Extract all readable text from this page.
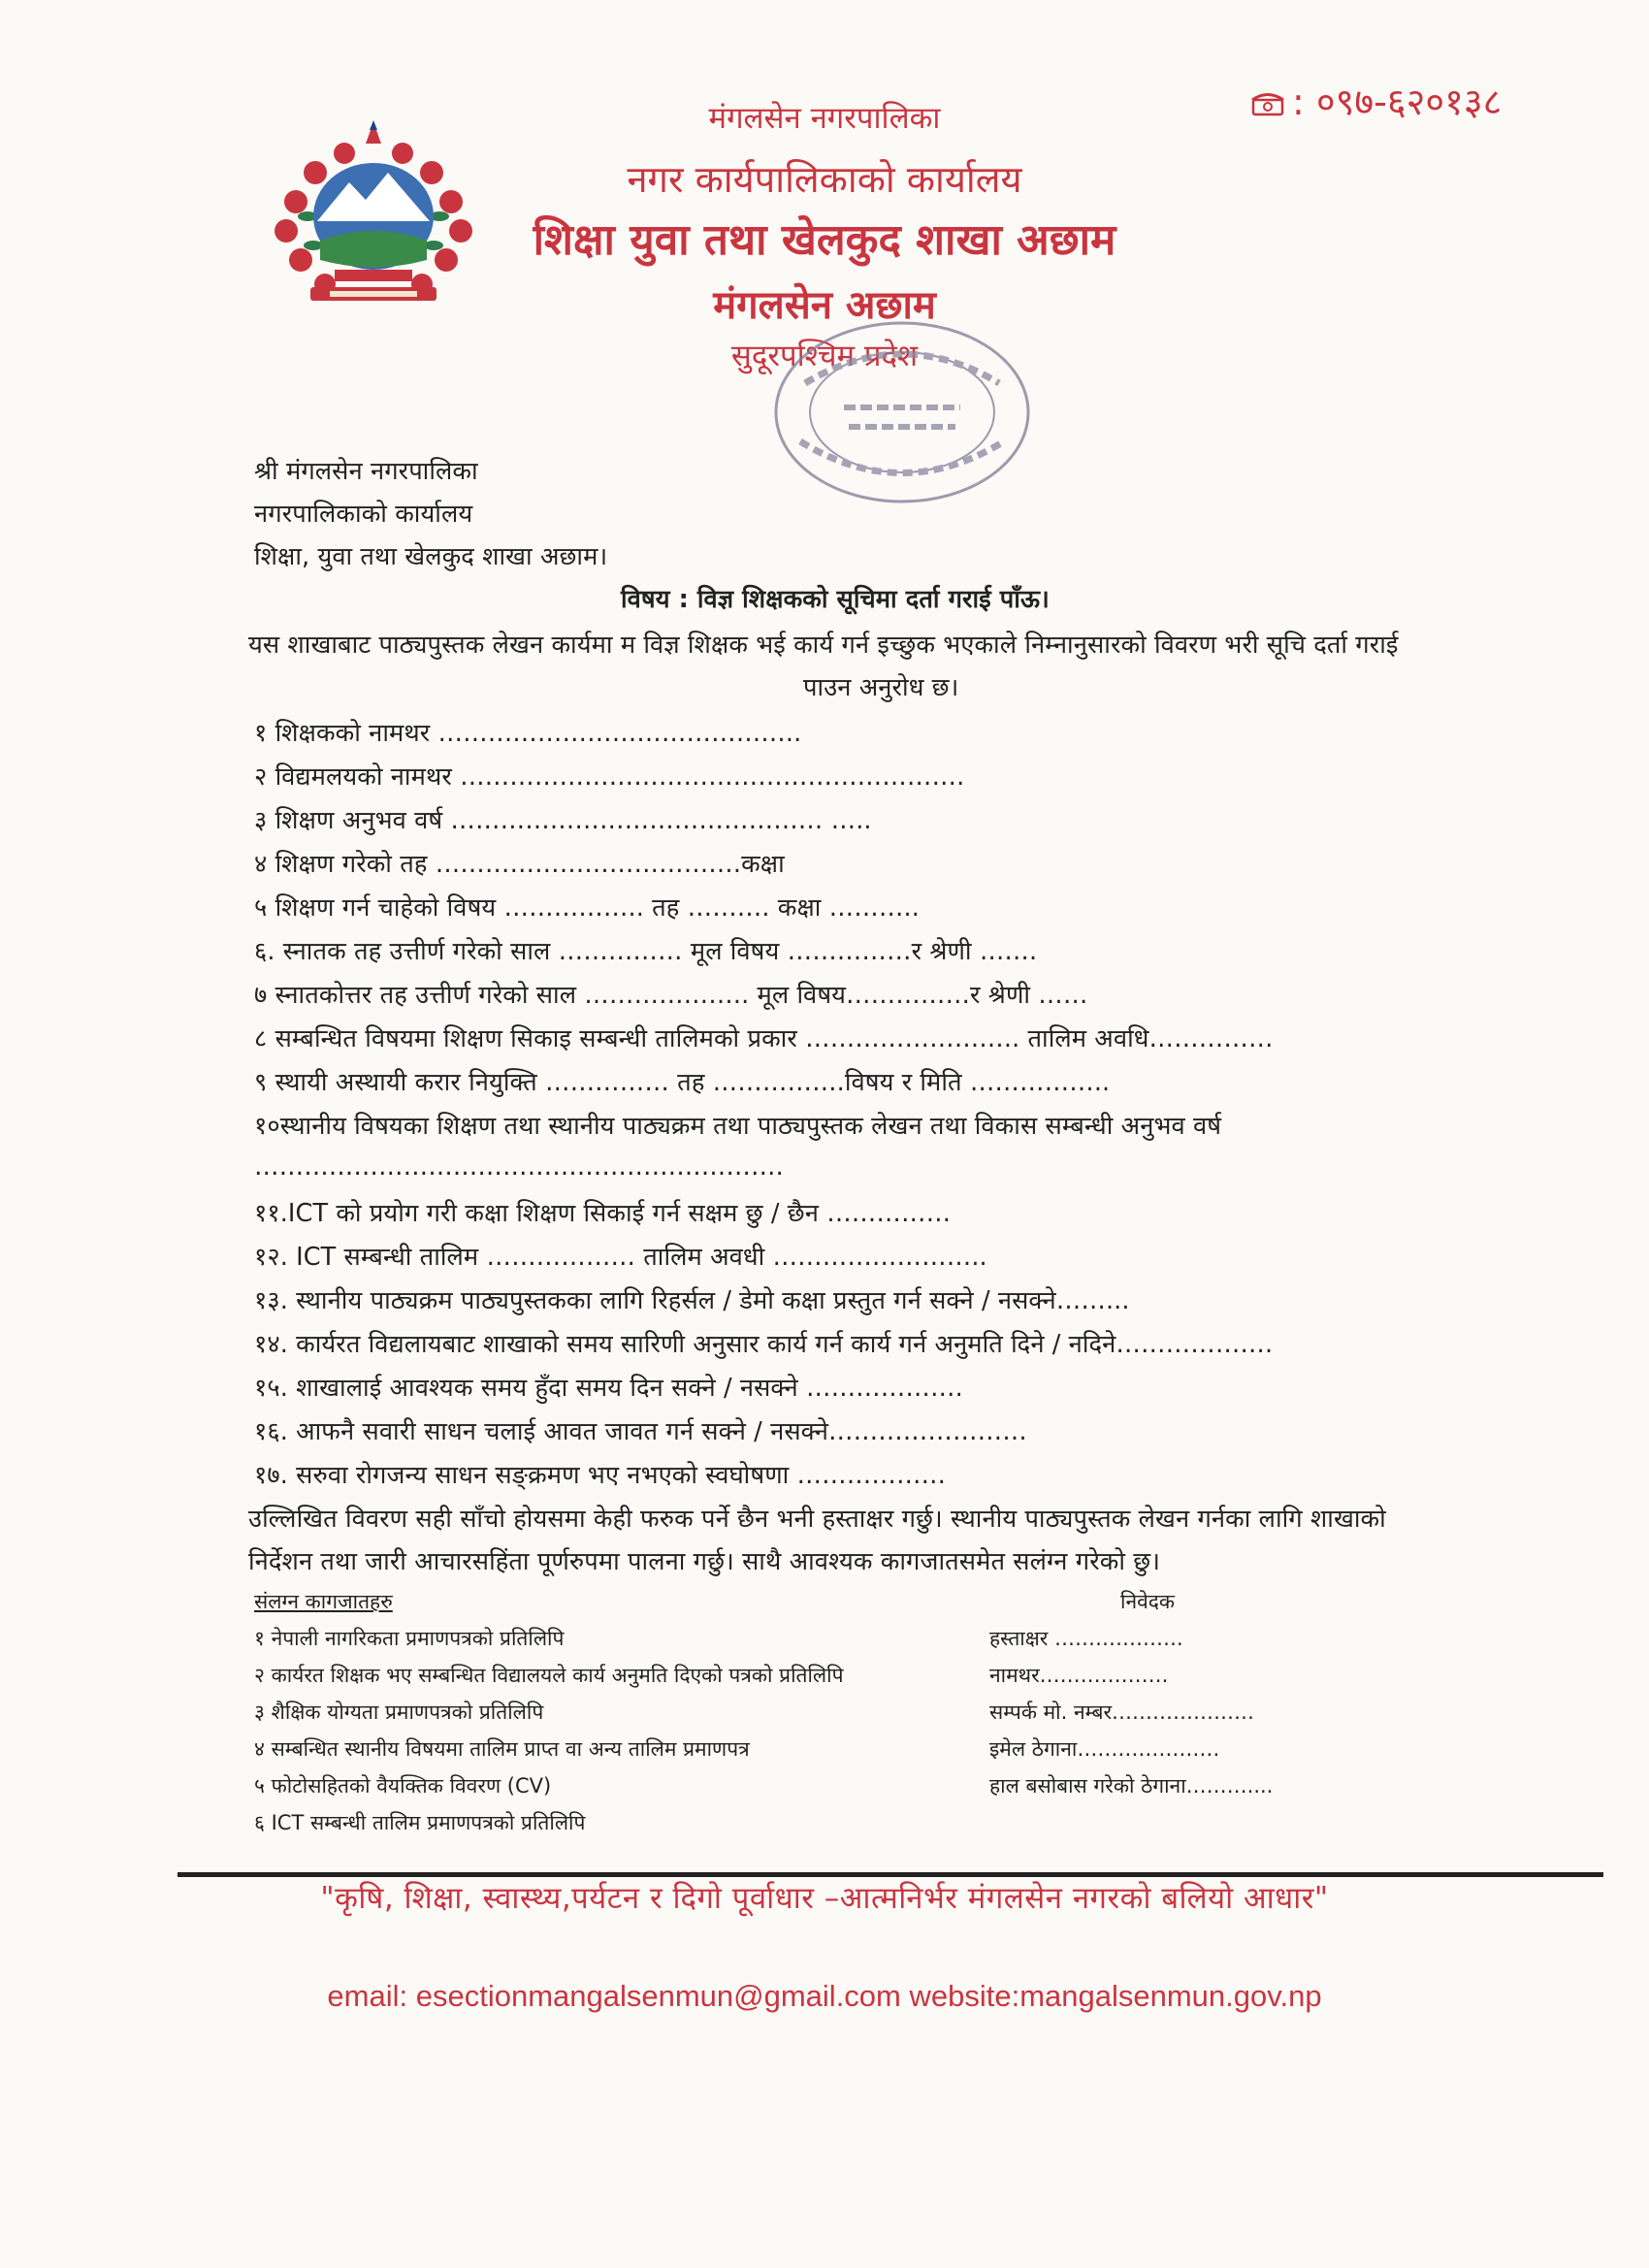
: ०९७-६२०१३८
मंगलसेन नगरपालिका
नगर कार्यपालिकाको कार्यालय
शिक्षा युवा तथा खेलकुद शाखा अछाम
मंगलसेन अछाम
सुदूरपश्चिम प्रदेश
श्री मंगलसेन नगरपालिका
नगरपालिकाको कार्यालय
शिक्षा, युवा तथा खेलकुद शाखा अछाम।
विषय : विज्ञ शिक्षकको सूचिमा दर्ता गराई पाँऊ।
यस शाखाबाट पाठ्यपुस्तक लेखन कार्यमा म विज्ञ शिक्षक भई कार्य गर्न इच्छुक भएकाले निम्नानुसारको विवरण भरी सूचि दर्ता गराई
पाउन अनुरोध छ।
१ शिक्षकको नामथर ……………………………………..
२ विद्यमलयको नामथर …………………………………………………….
३ शिक्षण अनुभव वर्ष ……………………………………… …..
४ शिक्षण गरेको तह ……………………………….कक्षा
५ शिक्षण गर्न चाहेको विषय …………….. तह ………. कक्षा ………..
६. स्नातक तह उत्तीर्ण गरेको साल …………… मूल विषय ……………र श्रेणी …….
७ स्नातकोत्तर तह उत्तीर्ण गरेको साल ……………….. मूल विषय……………र श्रेणी ……
८ सम्बन्धित विषयमा शिक्षण सिकाइ सम्बन्धी तालिमको प्रकार …………………….. तालिम अवधि……………
९ स्थायी अस्थायी करार नियुक्ति …………… तह …………….विषय र मिति ……………..
१०स्थानीय विषयका शिक्षण तथा स्थानीय पाठ्यक्रम तथा पाठ्यपुस्तक लेखन तथा विकास सम्बन्धी अनुभव वर्ष
……………………………………………………….
११.ICT को प्रयोग गरी कक्षा शिक्षण सिकाई गर्न सक्षम छु / छैन ……………
१२. ICT सम्बन्धी तालिम ……………… तालिम अवधी ……………………..
१३. स्थानीय पाठ्यक्रम पाठ्यपुस्तकका लागि रिहर्सल / डेमो कक्षा प्रस्तुत गर्न सक्ने / नसक्ने……...
१४. कार्यरत विद्यलायबाट शाखाको समय सारिणी अनुसार कार्य गर्न कार्य गर्न अनुमति दिने / नदिने……………….
१५. शाखालाई आवश्यक समय हुँदा समय दिन सक्ने / नसक्ने ……………….
१६. आफनै सवारी साधन चलाई आवत जावत गर्न सक्ने / नसक्ने……………………
१७. सरुवा रोगजन्य साधन सङ्क्रमण भए नभएको स्वघोषणा ………………
उल्लिखित विवरण सही साँचो होयसमा केही फरुक पर्ने छैन भनी हस्ताक्षर गर्छु। स्थानीय पाठ्यपुस्तक लेखन गर्नका लागि शाखाको
निर्देशन तथा जारी आचारसहिंता पूर्णरुपमा पालना गर्छु। साथै आवश्यक कागजातसमेत सलंग्न गरेको छु।
संलग्न कागजातहरु
१ नेपाली नागरिकता प्रमाणपत्रको प्रतिलिपि
२ कार्यरत शिक्षक भए सम्बन्धित विद्यालयले कार्य अनुमति दिएको पत्रको प्रतिलिपि
३ शैक्षिक योग्यता प्रमाणपत्रको प्रतिलिपि
४ सम्बन्धित स्थानीय विषयमा तालिम प्राप्त वा अन्य तालिम प्रमाणपत्र
५ फोटोसहितको वैयक्तिक विवरण (CV)
६ ICT सम्बन्धी तालिम प्रमाणपत्रको प्रतिलिपि
निवेदक
हस्ताक्षर ……………….
नामथर……………….
सम्पर्क मो. नम्बर…………………
इमेल ठेगाना…………………
हाल बसोबास गरेको ठेगाना………....
"कृषि, शिक्षा, स्वास्थ्य,पर्यटन र दिगो पूर्वाधार –आत्मनिर्भर मंगलसेन नगरको बलियो आधार"
email: esectionmangalsenmun@gmail.com website:mangalsenmun.gov.np
